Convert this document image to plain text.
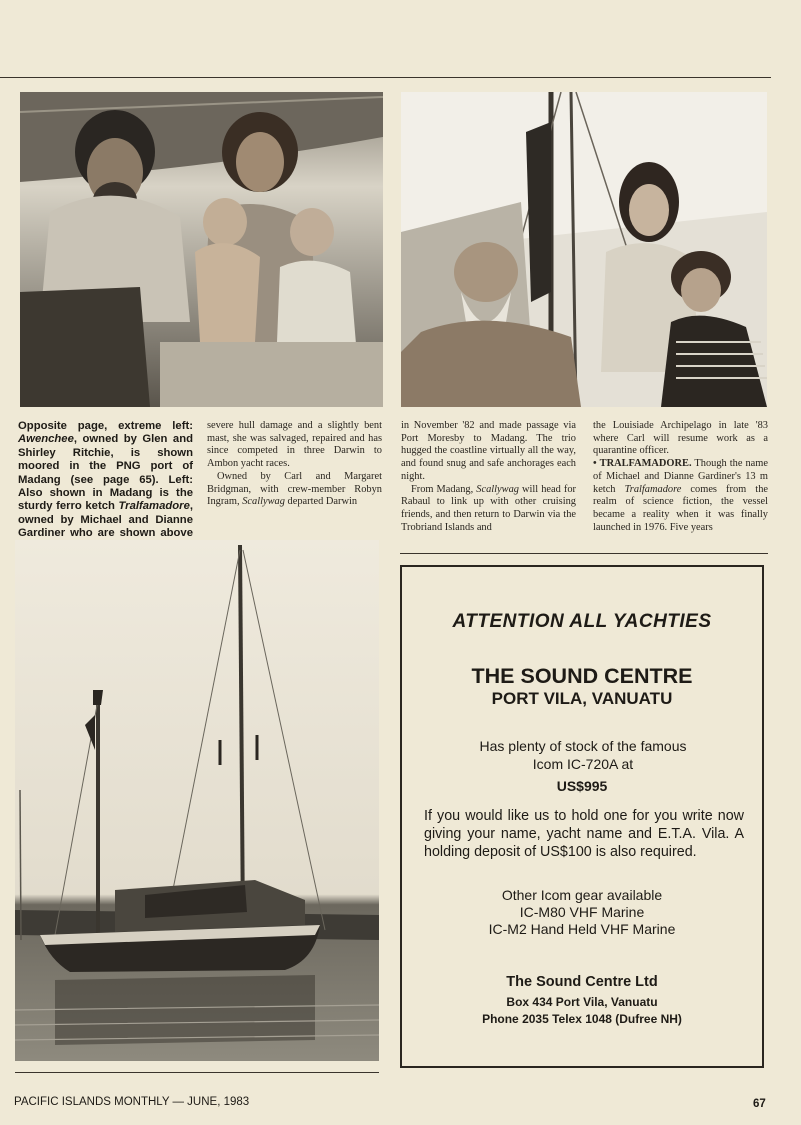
Opposite page, extreme left: Awenchee, owned by Glen and Shirley Ritchie, is shown moored in the PNG port of Madang (see page 65). Left: Also shown in Madang is the sturdy ferro ketch Tralfamadore, owned by Michael and Dianne Gardiner who are shown above

severe hull damage and a slightly bent mast, she was salvaged, repaired and has since competed in three Darwin to Ambon yacht races.

Owned by Carl and Margaret Bridgman, with crew-member Robyn Ingram, Scallywag departed Darwin

in November '82 and made passage via Port Moresby to Madang. The trio hugged the coastline virtually all the way, and found snug and safe anchorages each night.

From Madang, Scallywag will head for Rabaul to link up with other cruising friends, and then return to Darwin via the Trobriand Islands and

the Louisiade Archipelago in late '83 where Carl will resume work as a quarantine officer.

• TRALFAMADORE. Though the name of Michael and Dianne Gardiner's 13 m ketch Tralfamadore comes from the realm of science fiction, the vessel became a reality when it was finally launched in 1976. Five years

ATTENTION ALL YACHTIES
THE SOUND CENTRE
PORT VILA, VANUATU
Has plenty of stock of the famous
Icom IC-720A at
US$995
If you would like us to hold one for you write now giving your name, yacht name and E.T.A. Vila. A holding deposit of US$100 is also required.
Other Icom gear available
IC-M80 VHF Marine
IC-M2 Hand Held VHF Marine
The Sound Centre Ltd
Box 434 Port Vila, Vanuatu
Phone 2035 Telex 1048 (Dufree NH)
PACIFIC ISLANDS MONTHLY — JUNE, 1983	67
